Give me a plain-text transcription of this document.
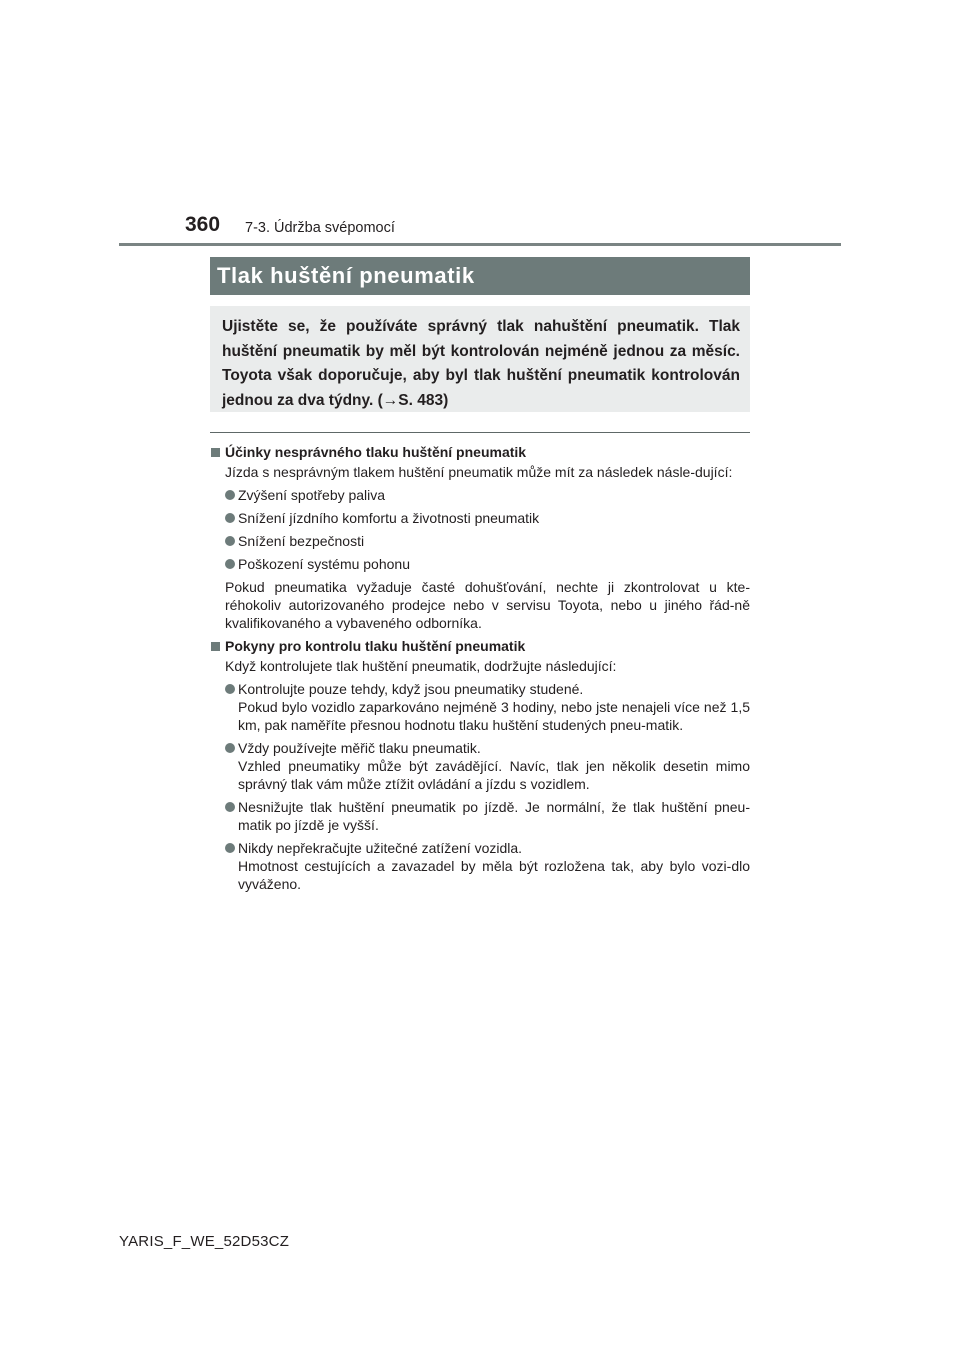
360 7-3. Údržba svépomocí
Tlak huštění pneumatik
Ujistěte se, že používáte správný tlak nahuštění pneumatik. Tlak huštění pneumatik by měl být kontrolován nejméně jednou za měsíc. Toyota však doporučuje, aby byl tlak huštění pneumatik kontrolován jednou za dva týdny. (→S. 483)
Účinky nesprávného tlaku huštění pneumatik
Jízda s nesprávným tlakem huštění pneumatik může mít za následek násle-dující:
Zvýšení spotřeby paliva
Snížení jízdního komfortu a životnosti pneumatik
Snížení bezpečnosti
Poškození systému pohonu
Pokud pneumatika vyžaduje časté dohušťování, nechte ji zkontrolovat u kte-réhokoliv autorizovaného prodejce nebo v servisu Toyota, nebo u jiného řád-ně kvalifikovaného a vybaveného odborníka.
Pokyny pro kontrolu tlaku huštění pneumatik
Když kontrolujete tlak huštění pneumatik, dodržujte následující:
Kontrolujte pouze tehdy, když jsou pneumatiky studené.
Pokud bylo vozidlo zaparkováno nejméně 3 hodiny, nebo jste nenajeli více než 1,5 km, pak naměříte přesnou hodnotu tlaku huštění studených pneu-matik.
Vždy používejte měřič tlaku pneumatik.
Vzhled pneumatiky může být zavádějící. Navíc, tlak jen několik desetin mimo správný tlak vám může ztížit ovládání a jízdu s vozidlem.
Nesnižujte tlak huštění pneumatik po jízdě. Je normální, že tlak huštění pneu-matik po jízdě je vyšší.
Nikdy nepřekračujte užitečné zatížení vozidla.
Hmotnost cestujících a zavazadel by měla být rozložena tak, aby bylo vozi-dlo vyváženo.
YARIS_F_WE_52D53CZ
